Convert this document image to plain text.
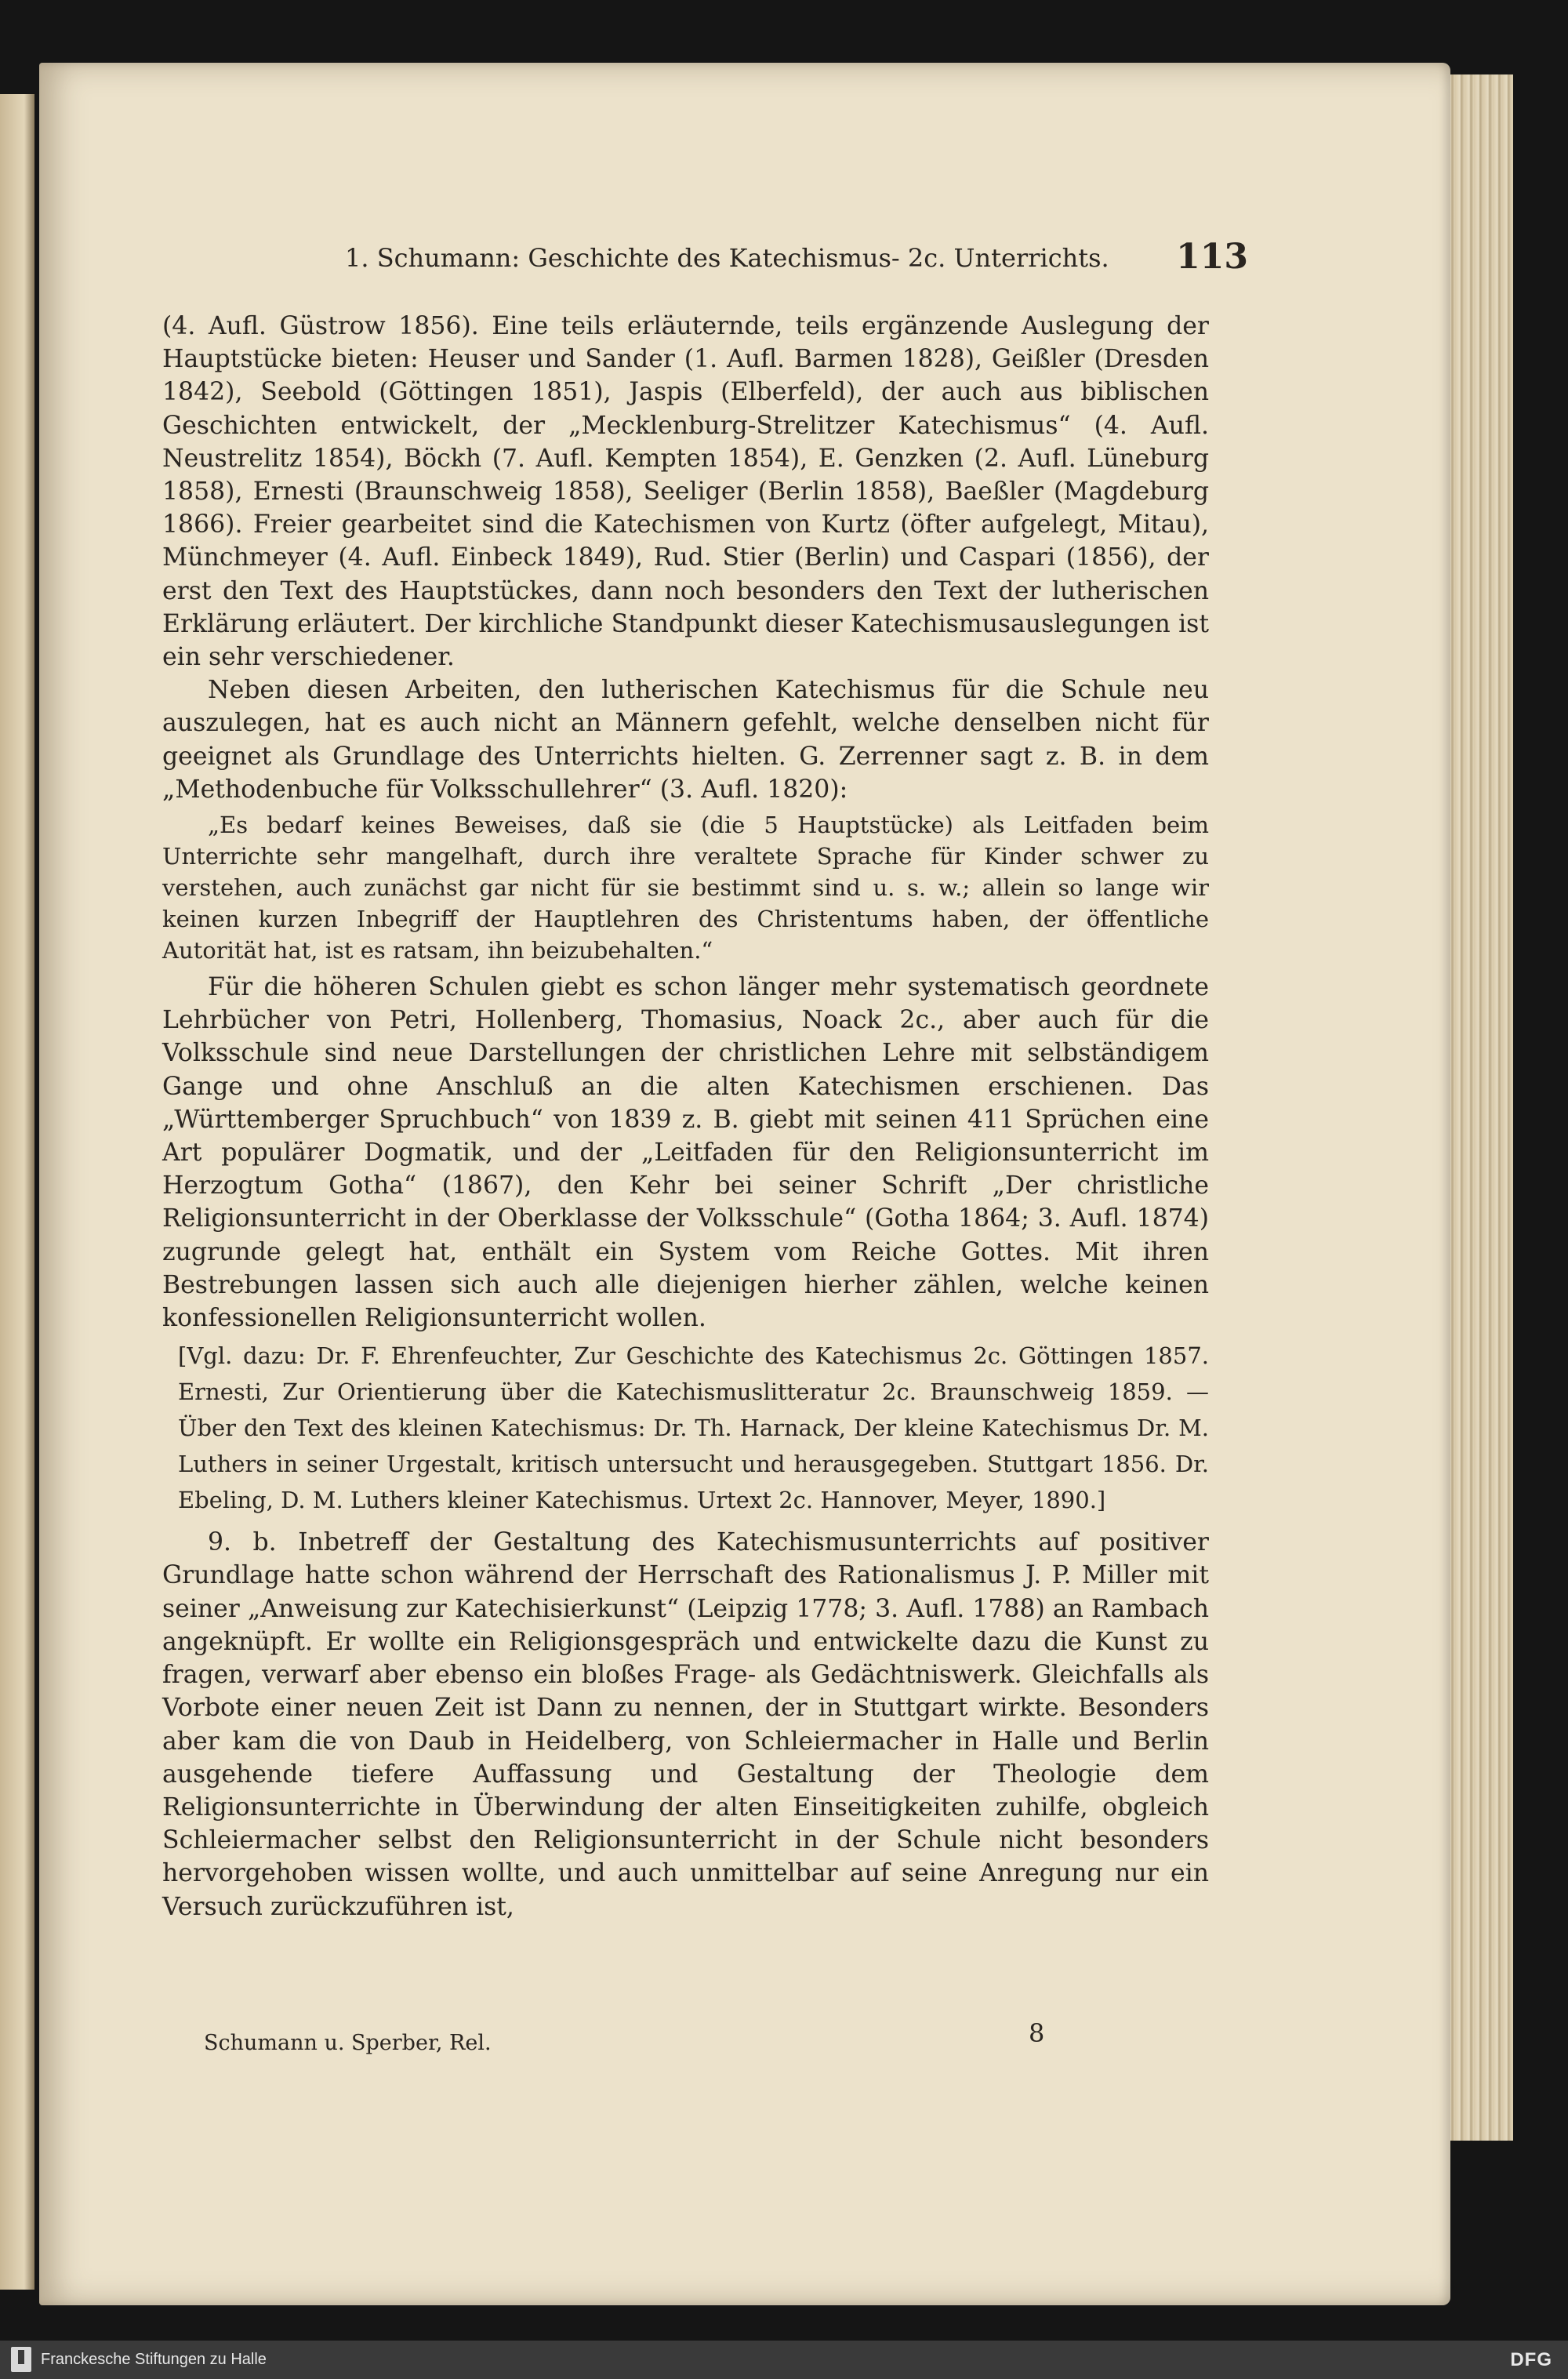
1. Schumann: Geschichte des Katechismus- 2c. Unterrichts. 113

(4. Aufl. Güstrow 1856). Eine teils erläuternde, teils ergänzende Auslegung der Hauptstücke bieten: Heuser und Sander (1. Aufl. Barmen 1828), Geißler (Dresden 1842), Seebold (Göttingen 1851), Jaspis (Elberfeld), der auch aus biblischen Geschichten entwickelt, der „Mecklenburg-Strelitzer Katechismus“ (4. Aufl. Neustrelitz 1854), Böckh (7. Aufl. Kempten 1854), E. Genzken (2. Aufl. Lüneburg 1858), Ernesti (Braunschweig 1858), Seeliger (Berlin 1858), Baeßler (Magdeburg 1866). Freier gearbeitet sind die Katechismen von Kurtz (öfter aufgelegt, Mitau), Münchmeyer (4. Aufl. Einbeck 1849), Rud. Stier (Berlin) und Caspari (1856), der erst den Text des Hauptstückes, dann noch besonders den Text der lutherischen Erklärung erläutert. Der kirchliche Standpunkt dieser Katechismusauslegungen ist ein sehr verschiedener.

Neben diesen Arbeiten, den lutherischen Katechismus für die Schule neu auszulegen, hat es auch nicht an Männern gefehlt, welche denselben nicht für geeignet als Grundlage des Unterrichts hielten. G. Zerrenner sagt z. B. in dem „Methodenbuche für Volksschullehrer“ (3. Aufl. 1820):

„Es bedarf keines Beweises, daß sie (die 5 Hauptstücke) als Leitfaden beim Unterrichte sehr mangelhaft, durch ihre veraltete Sprache für Kinder schwer zu verstehen, auch zunächst gar nicht für sie bestimmt sind u. s. w.; allein so lange wir keinen kurzen Inbegriff der Hauptlehren des Christentums haben, der öffentliche Autorität hat, ist es ratsam, ihn beizubehalten.“

Für die höheren Schulen giebt es schon länger mehr systematisch geordnete Lehrbücher von Petri, Hollenberg, Thomasius, Noack 2c., aber auch für die Volksschule sind neue Darstellungen der christlichen Lehre mit selbständigem Gange und ohne Anschluß an die alten Katechismen erschienen. Das „Württemberger Spruchbuch“ von 1839 z. B. giebt mit seinen 411 Sprüchen eine Art populärer Dogmatik, und der „Leitfaden für den Religionsunterricht im Herzogtum Gotha“ (1867), den Kehr bei seiner Schrift „Der christliche Religionsunterricht in der Oberklasse der Volksschule“ (Gotha 1864; 3. Aufl. 1874) zugrunde gelegt hat, enthält ein System vom Reiche Gottes. Mit ihren Bestrebungen lassen sich auch alle diejenigen hierher zählen, welche keinen konfessionellen Religionsunterricht wollen.

[Vgl. dazu: Dr. F. Ehrenfeuchter, Zur Geschichte des Katechismus 2c. Göttingen 1857. Ernesti, Zur Orientierung über die Katechismuslitteratur 2c. Braunschweig 1859. — Über den Text des kleinen Katechismus: Dr. Th. Harnack, Der kleine Katechismus Dr. M. Luthers in seiner Urgestalt, kritisch untersucht und herausgegeben. Stuttgart 1856. Dr. Ebeling, D. M. Luthers kleiner Katechismus. Urtext 2c. Hannover, Meyer, 1890.]

9. b. Inbetreff der Gestaltung des Katechismusunterrichts auf positiver Grundlage hatte schon während der Herrschaft des Rationalismus J. P. Miller mit seiner „Anweisung zur Katechisierkunst“ (Leipzig 1778; 3. Aufl. 1788) an Rambach angeknüpft. Er wollte ein Religionsgespräch und entwickelte dazu die Kunst zu fragen, verwarf aber ebenso ein bloßes Frage- als Gedächtniswerk. Gleichfalls als Vorbote einer neuen Zeit ist Dann zu nennen, der in Stuttgart wirkte. Besonders aber kam die von Daub in Heidelberg, von Schleiermacher in Halle und Berlin ausgehende tiefere Auffassung und Gestaltung der Theologie dem Religionsunterrichte in Überwindung der alten Einseitigkeiten zuhilfe, obgleich Schleiermacher selbst den Religionsunterricht in der Schule nicht besonders hervorgehoben wissen wollte, und auch unmittelbar auf seine Anregung nur ein Versuch zurückzuführen ist,

Schumann u. Sperber, Rel.	8
Franckesche Stiftungen zu Halle	DFG
